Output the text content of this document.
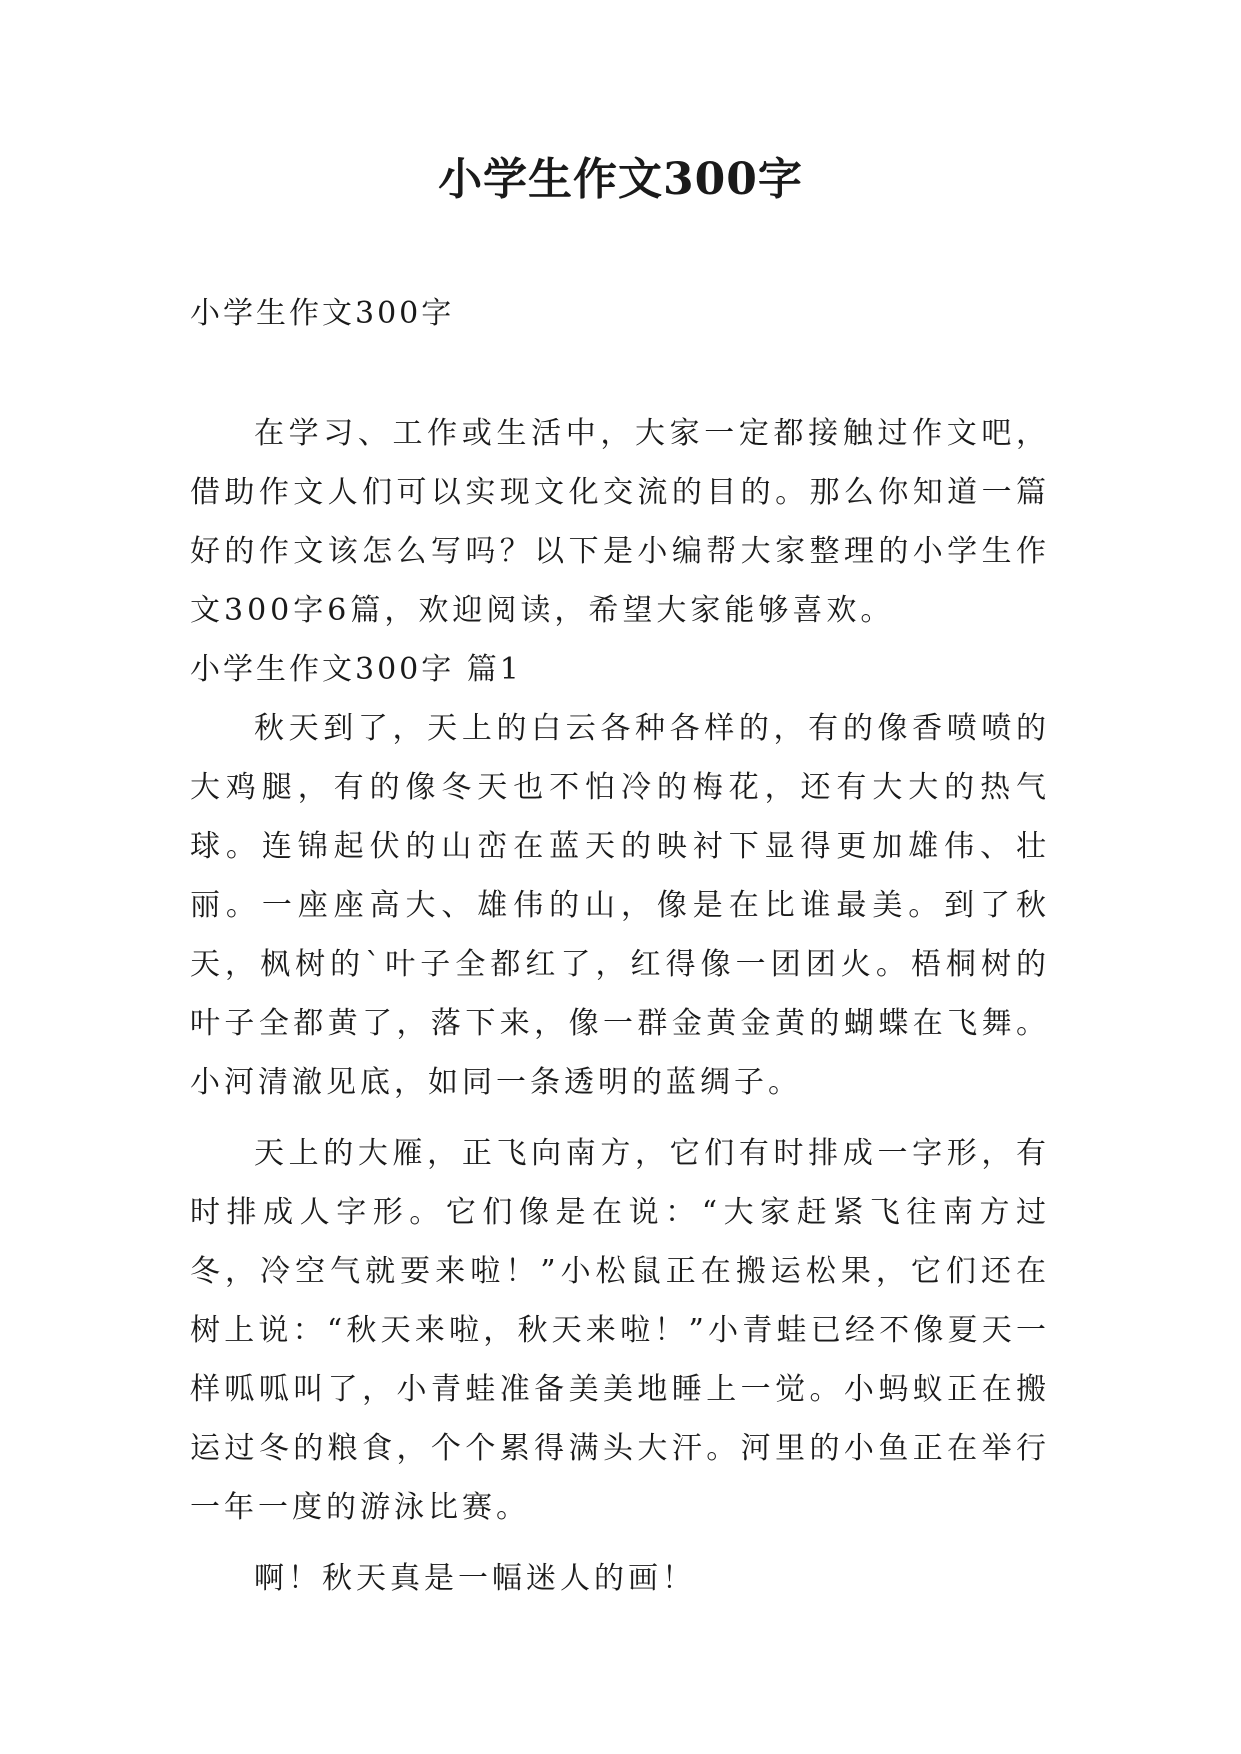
小学生作文300字

小学生作文300字

在学习、工作或生活中，大家一定都接触过作文吧，借助作文人们可以实现文化交流的目的。那么你知道一篇好的作文该怎么写吗？以下是小编帮大家整理的小学生作文300字6篇，欢迎阅读，希望大家能够喜欢。

小学生作文300字 篇1

秋天到了，天上的白云各种各样的，有的像香喷喷的大鸡腿，有的像冬天也不怕冷的梅花，还有大大的热气球。连锦起伏的山峦在蓝天的映衬下显得更加雄伟、壮丽。一座座高大、雄伟的山，像是在比谁最美。到了秋天，枫树的`叶子全都红了，红得像一团团火。梧桐树的叶子全都黄了，落下来，像一群金黄金黄的蝴蝶在飞舞。小河清澈见底，如同一条透明的蓝绸子。

天上的大雁，正飞向南方，它们有时排成一字形，有时排成人字形。它们像是在说：“大家赶紧飞往南方过冬，冷空气就要来啦！”小松鼠正在搬运松果，它们还在树上说：“秋天来啦，秋天来啦！”小青蛙已经不像夏天一样呱呱叫了，小青蛙准备美美地睡上一觉。小蚂蚁正在搬运过冬的粮食，个个累得满头大汗。河里的小鱼正在举行一年一度的游泳比赛。

啊！秋天真是一幅迷人的画！
